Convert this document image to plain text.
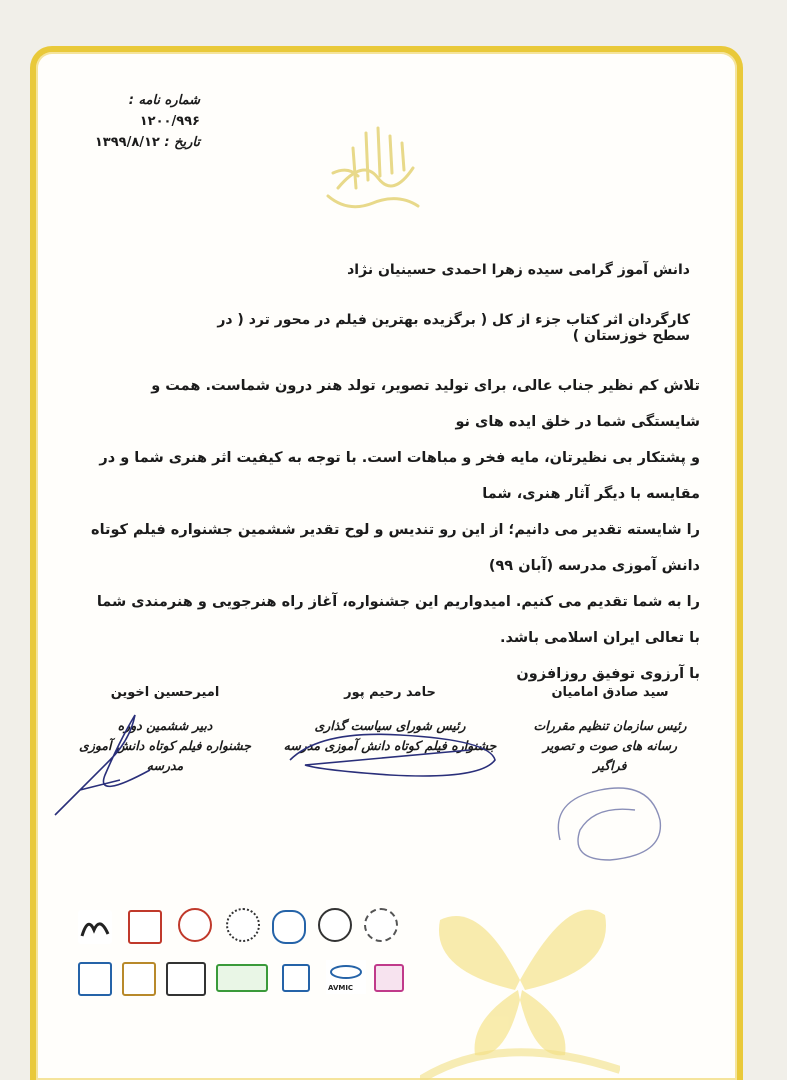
شماره نامه : ۱۲۰۰/۹۹۶
تاریخ : ۱۳۹۹/۸/۱۲
دانش آموز گرامی سیده زهرا احمدی حسینیان نژاد
کارگردان اثر کتاب جزء از کل ( برگزیده بهترین فیلم در محور ترد ( در سطح خوزستان )
تلاش کم نظیر جناب عالی، برای تولید تصویر، تولد هنر درون شماست. همت و شایستگی شما در خلق ایده های نو
و پشتکار بی نظیرتان، مایه فخر و مباهات است. با توجه به کیفیت اثر هنری شما و در مقایسه با دیگر آثار هنری، شما
را شایسته تقدیر می دانیم؛ از این رو تندیس و لوح تقدیر ششمین جشنواره فیلم کوتاه دانش آموزی مدرسه (آبان ۹۹)
را به شما تقدیم می کنیم. امیدواریم این جشنواره، آغاز راه هنرجویی و هنرمندی شما با تعالی ایران اسلامی باشد.
با آرزوی توفیق روزافزون
سید صادق امامیان
رئیس سازمان تنظیم مقررات
رسانه های صوت و تصویر فراگیر
حامد رحیم پور
رئیس شورای سیاست گذاری
جشنواره فیلم کوتاه دانش آموزی مدرسه
امیرحسین اخوین
دبیر ششمین دوره
جشنواره فیلم کوتاه دانش آموزی مدرسه
AVMIC
